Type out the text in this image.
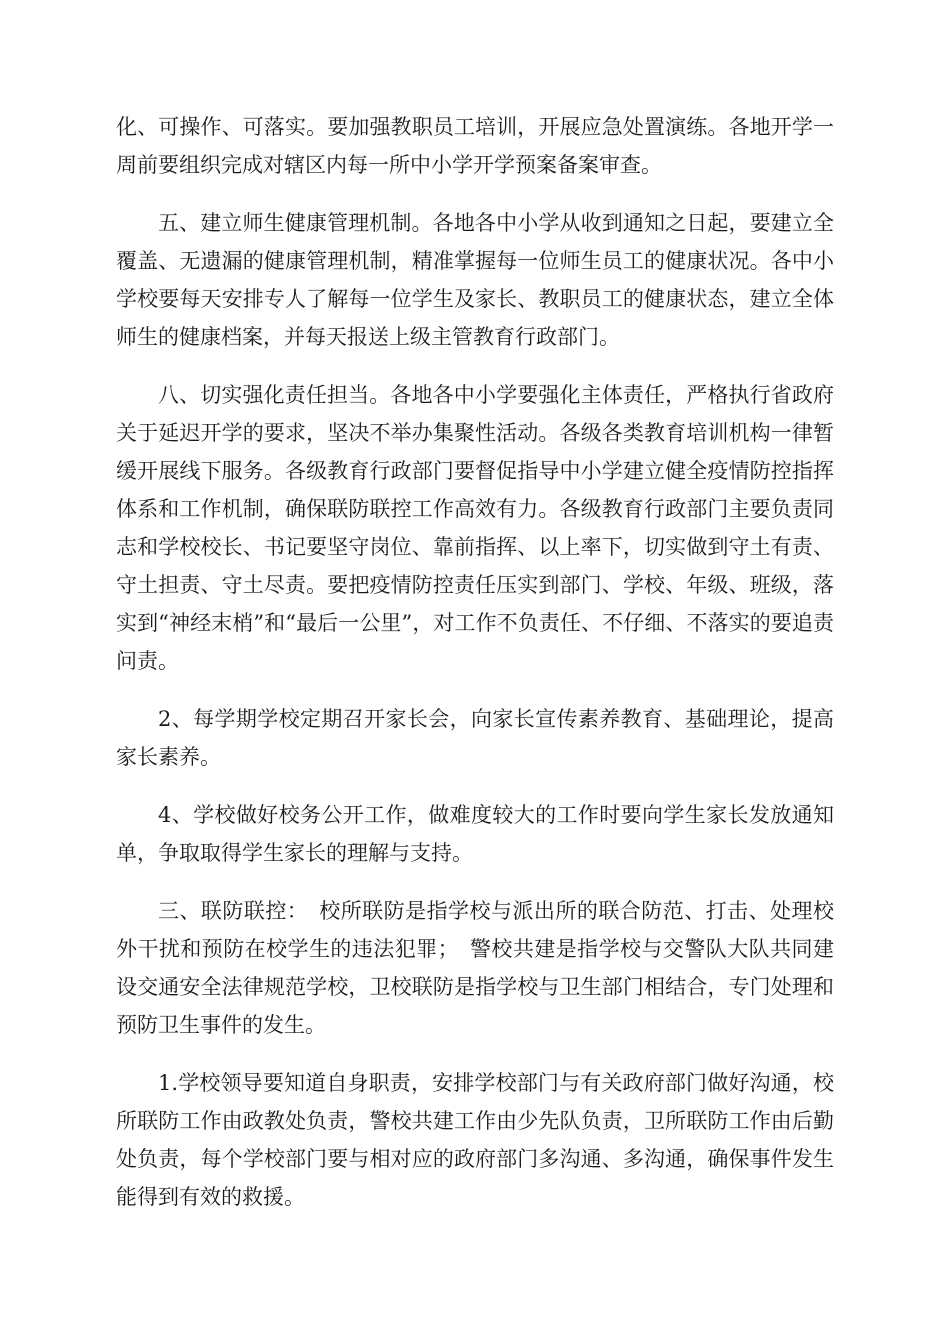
化、可操作、可落实。要加强教职员工培训，开展应急处置演练。各地开学一周前要组织完成对辖区内每一所中小学开学预案备案审查。

五、建立师生健康管理机制。各地各中小学从收到通知之日起，要建立全覆盖、无遗漏的健康管理机制，精准掌握每一位师生员工的健康状况。各中小学校要每天安排专人了解每一位学生及家长、教职员工的健康状态，建立全体师生的健康档案，并每天报送上级主管教育行政部门。

八、切实强化责任担当。各地各中小学要强化主体责任，严格执行省政府关于延迟开学的要求，坚决不举办集聚性活动。各级各类教育培训机构一律暂缓开展线下服务。各级教育行政部门要督促指导中小学建立健全疫情防控指挥体系和工作机制，确保联防联控工作高效有力。各级教育行政部门主要负责同志和学校校长、书记要坚守岗位、靠前指挥、以上率下，切实做到守土有责、守土担责、守土尽责。要把疫情防控责任压实到部门、学校、年级、班级，落实到“神经末梢”和“最后一公里”，对工作不负责任、不仔细、不落实的要追责问责。

2、每学期学校定期召开家长会，向家长宣传素养教育、基础理论，提高家长素养。

4、学校做好校务公开工作，做难度较大的工作时要向学生家长发放通知单，争取取得学生家长的理解与支持。

三、联防联控：　校所联防是指学校与派出所的联合防范、打击、处理校外干扰和预防在校学生的违法犯罪；　警校共建是指学校与交警队大队共同建设交通安全法律规范学校，卫校联防是指学校与卫生部门相结合，专门处理和预防卫生事件的发生。

1.学校领导要知道自身职责，安排学校部门与有关政府部门做好沟通，校所联防工作由政教处负责，警校共建工作由少先队负责，卫所联防工作由后勤处负责，每个学校部门要与相对应的政府部门多沟通、多沟通，确保事件发生能得到有效的救援。
